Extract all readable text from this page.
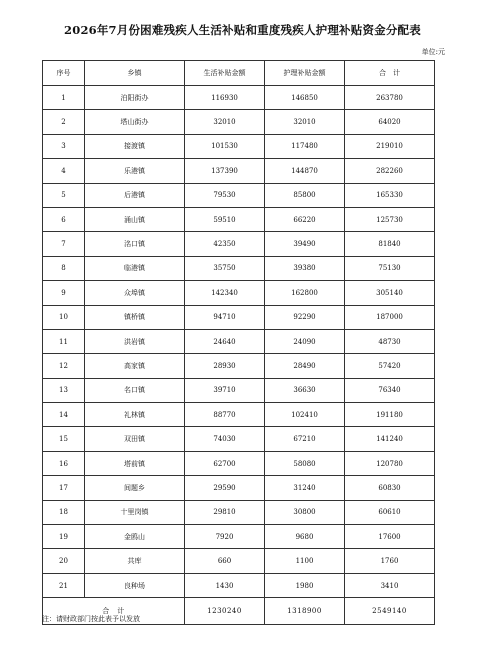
2026年7月份困难残疾人生活补贴和重度残疾人护理补贴资金分配表
单位:元
序号	乡镇	生活补贴金额	护理补贴金额	合　计
1	泊阳街办	116930	146850	263780
2	塔山街办	32010	32010	64020
3	接渡镇	101530	117480	219010
4	乐港镇	137390	144870	282260
5	后港镇	79530	85800	165330
6	涌山镇	59510	66220	125730
7	洺口镇	42350	39490	81840
8	临港镇	35750	39380	75130
9	众埠镇	142340	162800	305140
10	镇桥镇	94710	92290	187000
11	洪岩镇	24640	24090	48730
12	高家镇	28930	28490	57420
13	名口镇	39710	36630	76340
14	礼林镇	88770	102410	191180
15	双田镇	74030	67210	141240
16	塔前镇	62700	58080	120780
17	间题乡	29590	31240	60830
18	十里岗镇	29810	30800	60610
19	金鸥山	7920	9680	17600
20	共库	660	1100	1760
21	良种场	1430	1980	3410
合　计		1230240	1318900	2549140
注：请财政部门按此表予以发放
